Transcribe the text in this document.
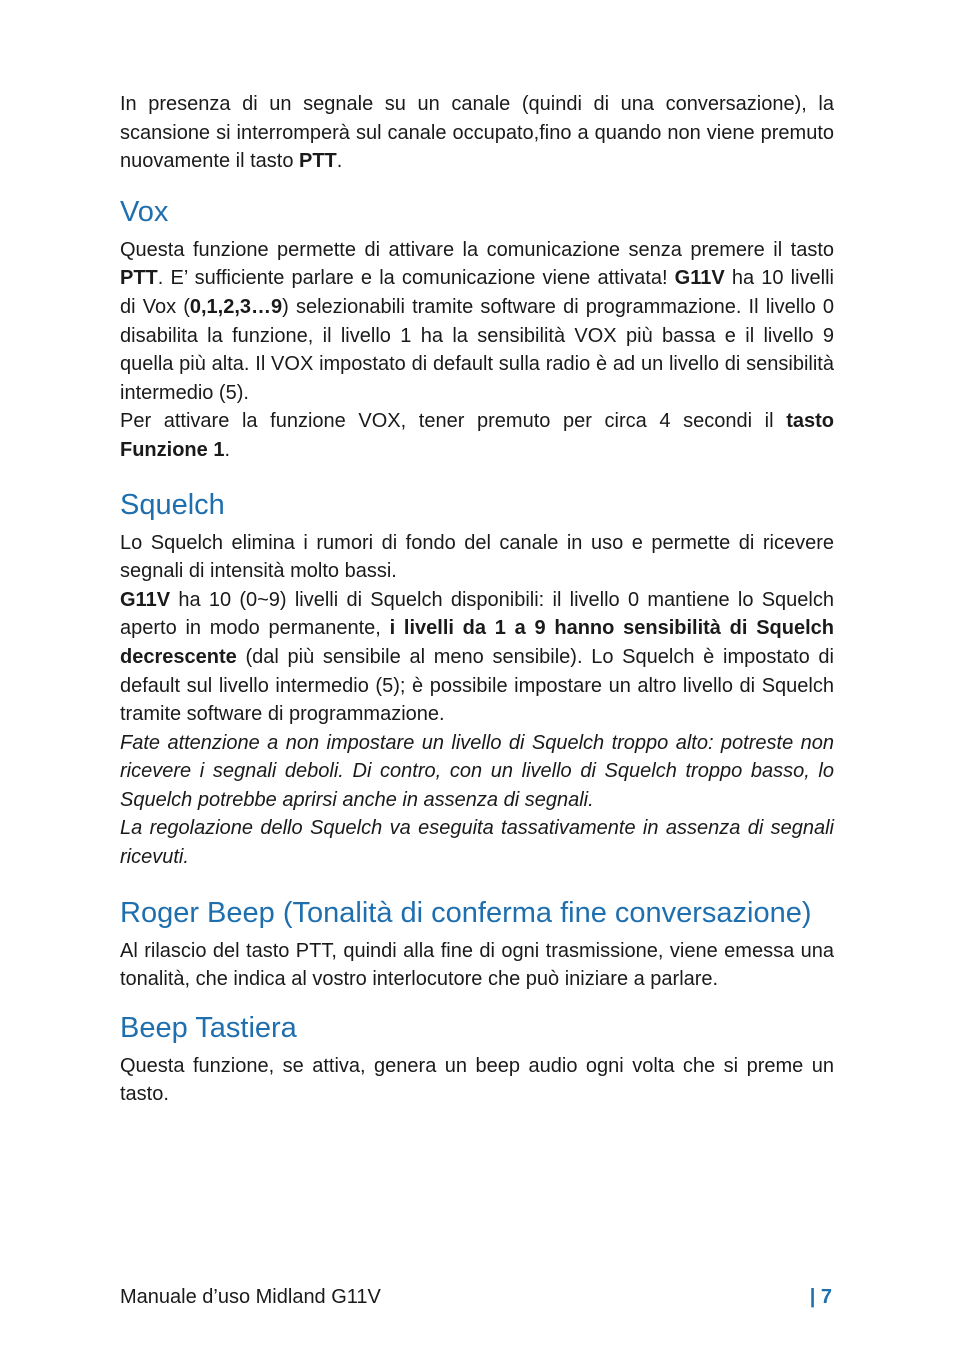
In presenza di un segnale su un canale (quindi di una conversazione), la scansione si interromperà sul canale occupato,fino a quando non viene premuto nuovamente il tasto PTT.

Vox

Questa funzione permette di attivare la comunicazione senza premere il tasto PTT. E’ sufficiente parlare e la comunicazione viene attivata! G11V ha 10 livelli di Vox (0,1,2,3…9) selezionabili tramite software di programmazione. Il livello 0 disabilita la funzione, il livello 1 ha la sensibilità VOX più bassa e il livello 9 quella più alta. Il VOX impostato di default sulla radio è ad un livello di sensibilità intermedio (5).

Per attivare la funzione VOX, tener premuto per circa 4 secondi il tasto Funzione 1.

Squelch

Lo Squelch elimina i rumori di fondo del canale in uso e permette di ricevere segnali di intensità molto bassi.

G11V ha 10 (0~9) livelli di Squelch disponibili: il livello 0 mantiene lo Squelch aperto in modo permanente, i livelli da 1 a 9 hanno sensibilità di Squelch decrescente (dal più sensibile al meno sensibile). Lo Squelch è impostato di default sul livello intermedio (5); è possibile impostare un altro livello di Squelch tramite software di programmazione.

Fate attenzione a non impostare un livello di Squelch troppo alto: potreste non ricevere i segnali deboli. Di contro, con un livello di Squelch troppo basso, lo Squelch potrebbe aprirsi anche in assenza di segnali.

La regolazione dello Squelch va eseguita tassativamente in assenza di segnali ricevuti.

Roger Beep (Tonalità di conferma fine conversazione)

Al rilascio del tasto PTT, quindi alla fine di ogni trasmissione, viene emessa una tonalità, che indica al vostro interlocutore che può iniziare a parlare.

Beep Tastiera

Questa funzione, se attiva, genera un beep audio ogni volta che si preme un tasto.

Manuale d’uso Midland G11V	| 7
